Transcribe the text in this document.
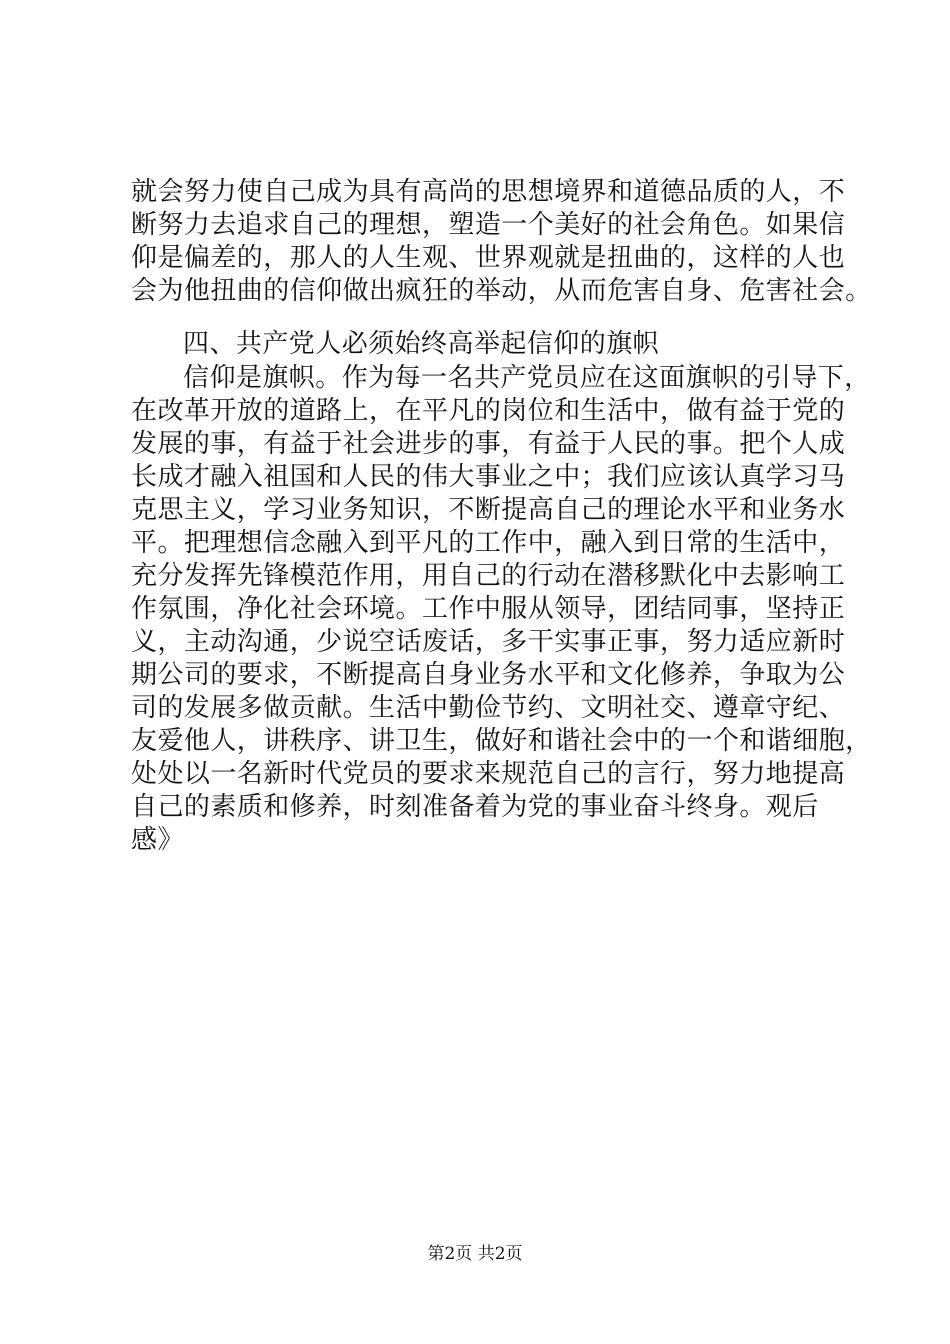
就会努力使自己成为具有高尚的思想境界和道德品质的人，不
断努力去追求自己的理想，塑造一个美好的社会角色。如果信
仰是偏差的，那人的人生观、世界观就是扭曲的，这样的人也
会为他扭曲的信仰做出疯狂的举动，从而危害自身、危害社会。
四、共产党人必须始终高举起信仰的旗帜
信仰是旗帜。作为每一名共产党员应在这面旗帜的引导下，
在改革开放的道路上，在平凡的岗位和生活中，做有益于党的
发展的事，有益于社会进步的事，有益于人民的事。把个人成
长成才融入祖国和人民的伟大事业之中；我们应该认真学习马
克思主义，学习业务知识，不断提高自己的理论水平和业务水
平。把理想信念融入到平凡的工作中，融入到日常的生活中，
充分发挥先锋模范作用，用自己的行动在潜移默化中去影响工
作氛围，净化社会环境。工作中服从领导，团结同事，坚持正
义，主动沟通，少说空话废话，多干实事正事，努力适应新时
期公司的要求，不断提高自身业务水平和文化修养，争取为公
司的发展多做贡献。生活中勤俭节约、文明社交、遵章守纪、
友爱他人，讲秩序、讲卫生，做好和谐社会中的一个和谐细胞，
处处以一名新时代党员的要求来规范自己的言行，努力地提高
自己的素质和修养，时刻准备着为党的事业奋斗终身。观后
感》
第2页 共2页
